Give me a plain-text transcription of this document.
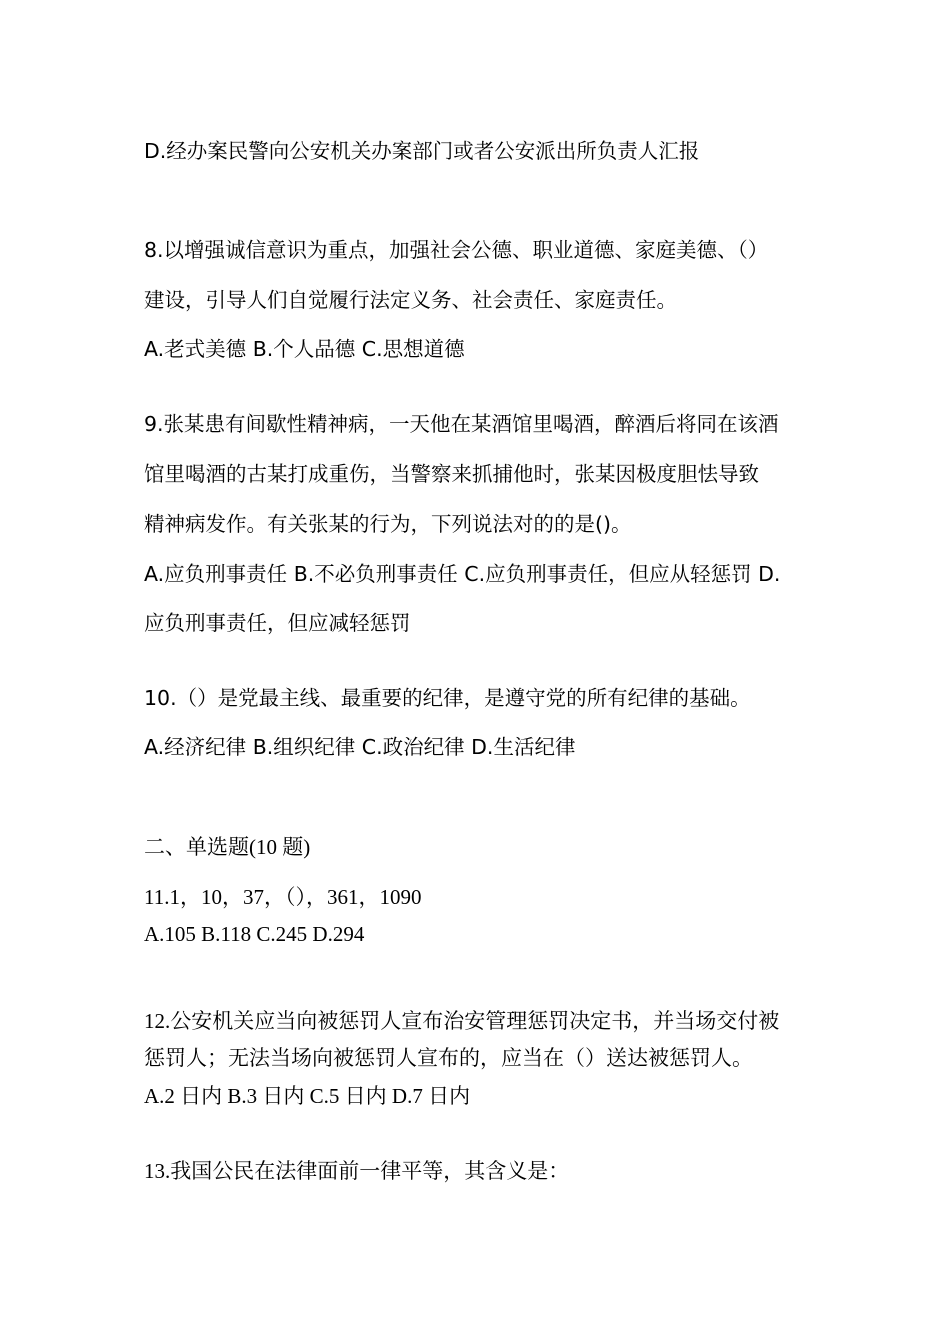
D.经办案民警向公安机关办案部门或者公安派出所负责人汇报
8.以增强诚信意识为重点，加强社会公德、职业道德、家庭美德、（）
建设，引导人们自觉履行法定义务、社会责任、家庭责任。
A.老式美德 B.个人品德 C.思想道德
9.张某患有间歇性精神病，一天他在某酒馆里喝酒，醉酒后将同在该酒
馆里喝酒的古某打成重伤，当警察来抓捕他时，张某因极度胆怯导致
精神病发作。有关张某的行为，下列说法对的的是()。
A.应负刑事责任 B.不必负刑事责任 C.应负刑事责任，但应从轻惩罚 D.
应负刑事责任，但应减轻惩罚
10.（）是党最主线、最重要的纪律，是遵守党的所有纪律的基础。
A.经济纪律 B.组织纪律 C.政治纪律 D.生活纪律
二、单选题(10 题)
11.1，10，37，（），361，1090
A.105 B.118 C.245 D.294
12.公安机关应当向被惩罚人宣布治安管理惩罚决定书，并当场交付被
惩罚人；无法当场向被惩罚人宣布的，应当在（）送达被惩罚人。
A.2 日内 B.3 日内 C.5 日内 D.7 日内
13.我国公民在法律面前一律平等，其含义是：
